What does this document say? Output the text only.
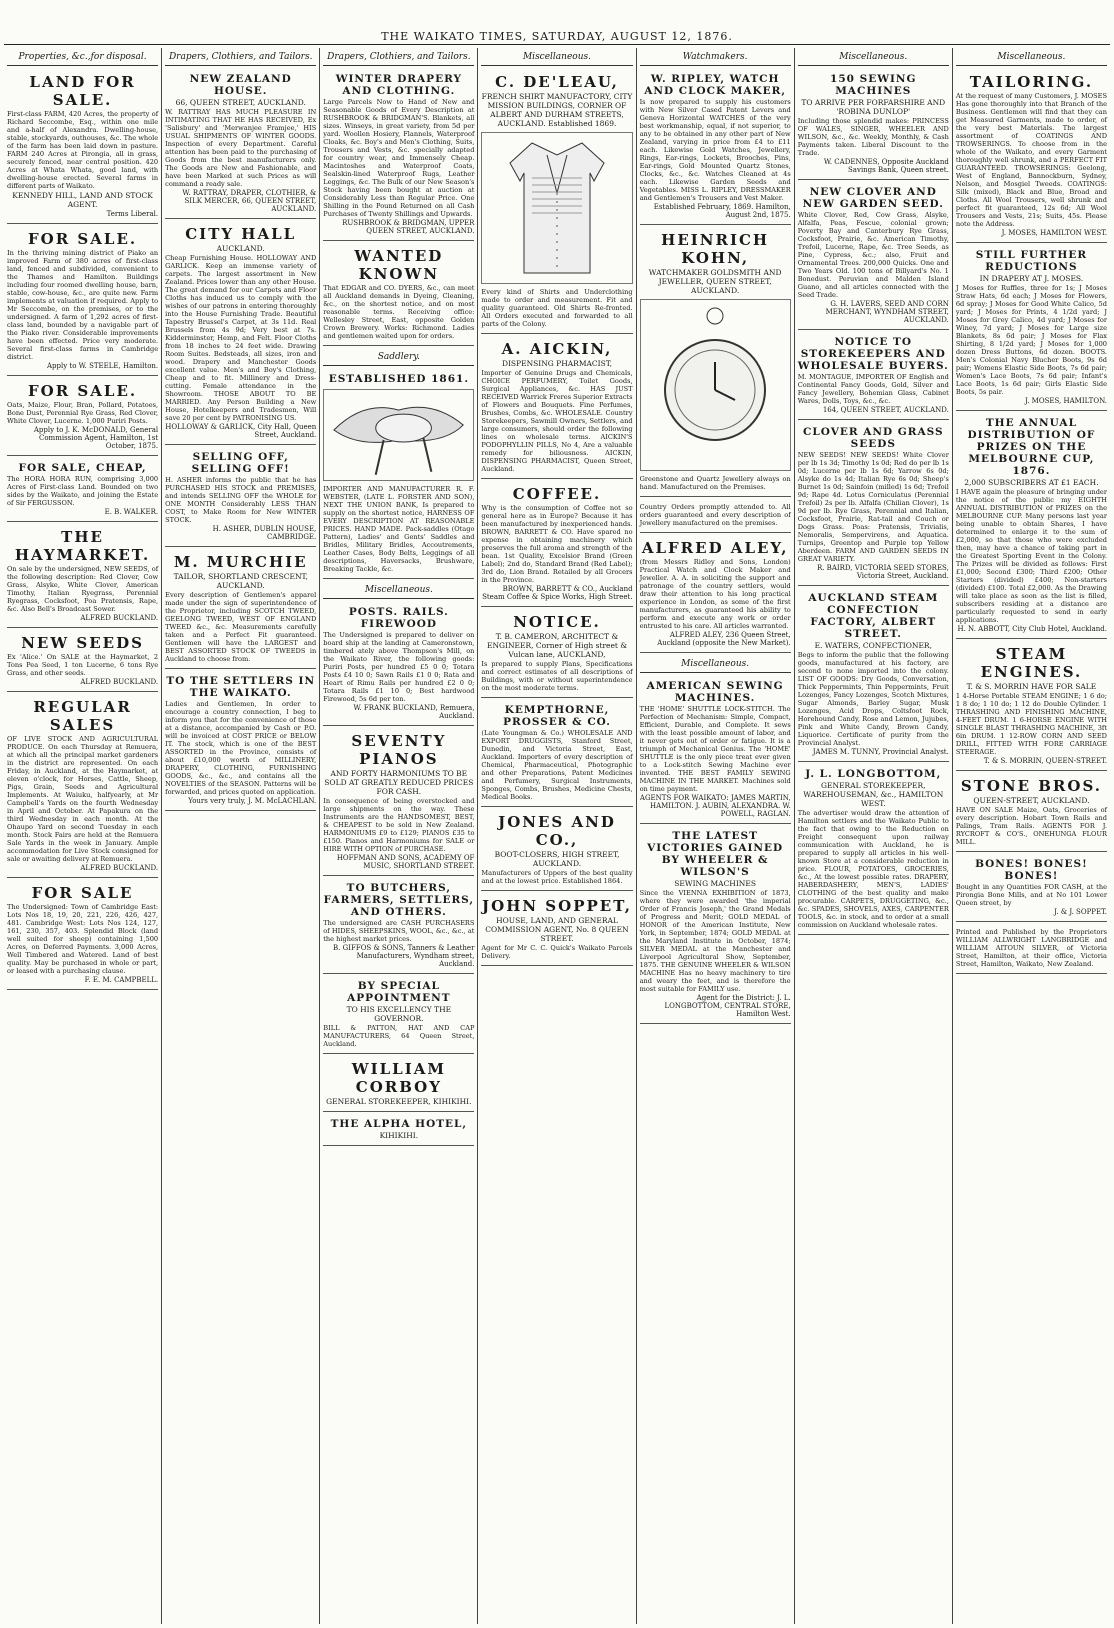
THE WAIKATO TIMES, SATURDAY, AUGUST 12, 1876.
Properties, &c.,for disposal.
LAND FOR SALE.
First-class FARM, 420 Acres, the property of Richard Seccombe, Esq., within one mile and a-half of Alexandra. Dwelling-house, stable, stockyards, outhouses, &c. The whole of the farm has been laid down in pasture. FARM 240 Acres at Pirongia, all in grass, securely fenced, near central position. 420 Acres at Whata Whata, good land, with dwelling-house erected. Several farms in different parts of Waikato.
KENNEDY HILL, LAND AND STOCK AGENT.
Terms Liberal.
FOR SALE.
In the thriving mining district of Piako an improved Farm of 380 acres of first-class land, fenced and subdivided, convenient to the Thames and Hamilton. Buildings including four roomed dwelling house, barn, stable, cow-house, &c., are quite new. Farm implements at valuation if required. Apply to Mr Seccombe, on the premises, or to the undersigned. A farm of 1,292 acres of first-class land, bounded by a navigable part of the Piako river. Considerable improvements have been effected. Price very moderate. Several first-class farms in Cambridge district.
Apply to W. STEELE, Hamilton.
FOR SALE.
Oats, Maize, Flour, Bran, Pollard, Potatoes, Bone Dust, Perennial Rye Grass, Red Clover, White Clover, Lucerne. 1,000 Puriri Posts.
Apply to J. K. McDONALD, General Commission Agent, Hamilton, 1st October, 1875.
FOR SALE, CHEAP,
The HORA HORA RUN, comprising 3,000 Acres of First-class Land. Bounded on two sides by the Waikato, and joining the Estate of Sir FERGUSSON.
E. B. WALKER.
THE HAYMARKET.
On sale by the undersigned, NEW SEEDS, of the following description: Red Clover, Cow Grass, Alsyke, White Clover, American Timothy, Italian Ryegrass, Perennial Ryegrass, Cocksfoot, Poa Pratensis, Rape, &c. Also Bell's Broadcast Sower.
ALFRED BUCKLAND.
NEW SEEDS
Ex 'Alice.' On SALE at the Haymarket, 2 Tons Pea Seed, 1 ton Lucerne, 6 tons Rye Grass, and other seeds.
ALFRED BUCKLAND.
REGULAR SALES
OF LIVE STOCK AND AGRICULTURAL PRODUCE. On each Thursday at Remuera, at which all the principal market gardeners in the district are represented. On each Friday, in Auckland, at the Haymarket, at eleven o'clock, for Horses, Cattle, Sheep, Pigs, Grain, Seeds and Agricultural Implements. At Waiuku, halfyearly, at Mr Campbell's Yards on the fourth Wednesday in April and October. At Papakura on the third Wednesday in each month. At the Ohaupo Yard on second Tuesday in each month. Stock Fairs are held at the Remuera Sale Yards in the week in January. Ample accommodation for Live Stock consigned for sale or awaiting delivery at Remuera.
ALFRED BUCKLAND.
FOR SALE
The Undersigned: Town of Cambridge East: Lots Nos 18, 19, 20, 221, 226, 426, 427, 481. Cambridge West: Lots Nos 124, 127, 161, 230, 357, 403. Splendid Block (land well suited for sheep) containing 1,500 Acres, on Deferred Payments. 3,000 Acres, Well Timbered and Watered. Land of best quality. May be purchased in whole or part, or leased with a purchasing clause.
F. E. M. CAMPBELL.
Drapers, Clothiers, and Tailors.
NEW ZEALAND HOUSE.
66, QUEEN STREET, AUCKLAND.
W. RATTRAY HAS MUCH PLEASURE IN INTIMATING THAT HE HAS RECEIVED, Ex 'Salisbury' and 'Merwanjee Framjee,' HIS USUAL SHIPMENTS OF WINTER GOODS. Inspection of every Department. Careful attention has been paid to the purchasing of Goods from the best manufacturers only. The Goods are New and Fashionable, and have been Marked at such Prices as will command a ready sale.
W. RATTRAY, DRAPER, CLOTHIER, & SILK MERCER, 66, QUEEN STREET, AUCKLAND.
CITY HALL
AUCKLAND.
Cheap Furnishing House. HOLLOWAY AND GARLICK. Keep an immense variety of carpets. The largest assortment in New Zealand. Prices lower than any other House. The great demand for our Carpets and Floor Cloths has induced us to comply with the wishes of our patrons in entering thoroughly into the House Furnishing Trade. Beautiful Tapestry Brussel's Carpet, at 3s 11d. Real Brussels from 4s 9d; Very best at 7s. Kidderminster, Hemp, and Felt. Floor Cloths from 18 inches to 24 feet wide. Drawing Room Suites. Bedsteads, all sizes, iron and wood. Drapery and Manchester Goods excellent value. Men's and Boy's Clothing, Cheap and to fit. Millinery and Dress-cutting. Female attendance in the Showroom. THOSE ABOUT TO BE MARRIED. Any Person Building a New House, Hotelkeepers and Tradesmen, Will save 20 per cent by PATRONISING US.
HOLLOWAY & GARLICK, City Hall, Queen Street, Auckland.
SELLING OFF, SELLING OFF!
H. ASHER informs the public that he has PURCHASED HIS STOCK and PREMISES, and intends SELLING OFF the WHOLE for ONE MONTH Considerably LESS THAN COST, to Make Room for New WINTER STOCK.
H. ASHER, DUBLIN HOUSE, CAMBRIDGE.
M. MURCHIE
TAILOR, SHORTLAND CRESCENT, AUCKLAND.
Every description of Gentlemen's apparel made under the sign of superintendence of the Proprietor, including SCOTCH TWEED, GEELONG TWEED, WEST OF ENGLAND TWEED &c., &c. Measurements carefully taken and a Perfect Fit guaranteed. Gentlemen will have the LARGEST and BEST ASSORTED STOCK OF TWEEDS in Auckland to choose from.
TO THE SETTLERS IN THE WAIKATO.
Ladies and Gentlemen, In order to encourage a country connection, I beg to inform you that for the convenience of those at a distance, accompanied by Cash or P.O. will be invoiced at COST PRICE or BELOW IT. The stock, which is one of the BEST ASSORTED in the Province, consists of about £10,000 worth of MILLINERY, DRAPERY, CLOTHING, FURNISHING GOODS, &c., &c., and contains all the NOVELTIES of the SEASON. Patterns will be forwarded, and prices quoted on application.
Yours very truly, J. M. McLACHLAN.
Drapers, Clothiers, and Tailors.
WINTER DRAPERY AND CLOTHING.
Large Parcels Now to Hand of New and Seasonable Goods of Every Description at RUSHBROOK & BRIDGMAN'S. Blankets, all sizes. Winseys, in great variety, from 5d per yard. Woollen Hosiery, Flannels, Waterproof Cloaks, &c. Boy's and Men's Clothing, Suits, Trousers and Vests, &c. specially adapted for country wear, and Immensely Cheap. Macintoshes and Waterproof Coats, Sealskin-lined Waterproof Rugs, Leather Leggings, &c. The Bulk of our New Season's Stock having been bought at auction at Considerably Less than Regular Price. One Shilling in the Pound Returned on all Cash Purchases of Twenty Shillings and Upwards.
RUSHBROOK & BRIDGMAN, UPPER QUEEN STREET, AUCKLAND.
WANTED KNOWN
That EDGAR and CO. DYERS, &c., can meet all Auckland demands in Dyeing, Cleaning, &c., on the shortest notice, and on most reasonable terms. Receiving office: Wellesley Street, East, opposite Golden Crown Brewery. Works: Richmond. Ladies and gentlemen waited upon for orders.
Saddlery.
ESTABLISHED 1861.
IMPORTER AND MANUFACTURER R. F. WEBSTER, (LATE L. FORSTER AND SON), NEXT THE UNION BANK, Is prepared to supply on the shortest notice, HARNESS OF EVERY DESCRIPTION AT REASONABLE PRICES. HAND MADE. Pack-saddles (Otago Pattern), Ladies' and Gents' Saddles and Bridles, Military Bridles, Accoutrements, Leather Cases, Body Belts, Leggings of all descriptions, Haversacks, Brushware, Breaking Tackle, &c.
Miscellaneous.
POSTS. RAILS. FIREWOOD
The Undersigned is prepared to deliver on board ship at the landing at Cameronstown, timbered ately above Thompson's Mill, on the Waikato River, the following goods: Puriri Posts, per hundred £5 0 0; Totara Posts £4 10 0; Sawn Rails £1 0 0; Rata and Heart of Rimu Rails per hundred £2 0 0; Totara Rails £1 10 0; Best hardwood Firewood, 5s 6d per ton.
W. FRANK BUCKLAND, Remuera, Auckland.
SEVENTY PIANOS
AND FORTY HARMONIUMS TO BE SOLD AT GREATLY REDUCED PRICES FOR CASH.
In consequence of being overstocked and large shipments on the way. These Instruments are the HANDSOMEST, BEST, & CHEAPEST to be sold in New Zealand. HARMONIUMS £9 to £129; PIANOS £35 to £150. Pianos and Harmoniums for SALE or HIRE WITH OPTION of PURCHASE.
HOFFMAN AND SONS, ACADEMY OF MUSIC, SHORTLAND STREET.
TO BUTCHERS, FARMERS, SETTLERS, AND OTHERS.
The undersigned are CASH PURCHASERS of HIDES, SHEEPSKINS, WOOL, &c., &c., at the highest market prices.
B. GIFFOS & SONS, Tanners & Leather Manufacturers, Wyndham street, Auckland.
BY SPECIAL APPOINTMENT
TO HIS EXCELLENCY THE GOVERNOR.
BILL & PATTON, HAT AND CAP MANUFACTURERS, 64 Queen Street, Auckland.
WILLIAM CORBOY
GENERAL STOREKEEPER, KIHIKIHI.
THE ALPHA HOTEL,
KIHIKIHI.
Miscellaneous.
C. DE'LEAU,
FRENCH SHIRT MANUFACTORY, CITY MISSION BUILDINGS, CORNER OF ALBERT AND DURHAM STREETS, AUCKLAND. Established 1869.
Every kind of Shirts and Underclothing made to order and measurement. Fit and quality guaranteed. Old Shirts Re-fronted. All Orders executed and forwarded to all parts of the Colony.
A. AICKIN,
DISPENSING PHARMACIST,
Importer of Genuine Drugs and Chemicals, CHOICE PERFUMERY, Toilet Goods, Surgical Appliances, &c. HAS JUST RECEIVED Warrick Freres Superior Extracts of Flowers and Bouquets. Fine Perfumes, Brushes, Combs, &c. WHOLESALE. Country Storekeepers, Sawmill Owners, Settlers, and large consumers, should order the following lines on wholesale terms. AICKIN'S PODOPHYLLIN PILLS, No 4, Are a valuable remedy for biliousness. AICKIN, DISPENSING PHARMACIST, Queen Street, Auckland.
COFFEE.
Why is the consumption of Coffee not so general here as in Europe? Because it has been manufactured by inexperienced hands. BROWN, BARRETT & CO. Have spared no expense in obtaining machinery which preserves the full aroma and strength of the bean. 1st Quality, Excelsior Brand (Green Label); 2nd do, Standard Brand (Red Label); 3rd do, Lion Brand. Retailed by all Grocers in the Province.
BROWN, BARRETT & CO., Auckland Steam Coffee & Spice Works, High Street.
NOTICE.
T. B. CAMERON, ARCHITECT & ENGINEER, Corner of High street & Vulcan lane, AUCKLAND,
Is prepared to supply Plans, Specifications and correct estimates of all descriptions of Buildings, with or without superintendence on the most moderate terms.
KEMPTHORNE, PROSSER & CO.
(Late Youngman & Co.) WHOLESALE AND EXPORT DRUGGISTS, Stanford Street, Dunedin, and Victoria Street, East, Auckland. Importers of every description of Chemical, Pharmaceutical, Photographic and other Preparations, Patent Medicines and Perfumery, Surgical Instruments, Sponges, Combs, Brushes, Medicine Chests, Medical Books.
JONES AND CO.,
BOOT-CLOSERS, HIGH STREET, AUCKLAND.
Manufacturers of Uppers of the best quality and at the lowest price. Established 1864.
JOHN SOPPET,
HOUSE, LAND, AND GENERAL COMMISSION AGENT, No. 8 QUEEN STREET.
Agent for Mr C. C. Quick's Waikato Parcels Delivery.
Watchmakers.
W. RIPLEY, WATCH AND CLOCK MAKER,
Is now prepared to supply his customers with New Silver Cased Patent Levers and Geneva Horizontal WATCHES of the very best workmanship, equal, if not superior, to any to be obtained in any other part of New Zealand, varying in price from £4 to £11 each. Likewise Gold Watches, Jewellery, Rings, Ear-rings, Lockets, Brooches, Pins, Ear-rings, Gold Mounted Quartz Stones, Clocks, &c., &c. Watches Cleaned at 4s each. Likewise Garden Seeds and Vegetables. MISS L. RIPLEY, DRESSMAKER and Gentlemen's Trousers and Vest Maker.
Established February, 1869. Hamilton, August 2nd, 1875.
HEINRICH KOHN,
WATCHMAKER GOLDSMITH AND JEWELLER, QUEEN STREET, AUCKLAND.
Greenstone and Quartz Jewellery always on hand. Manufactured on the Premises.
Country Orders promptly attended to. All orders guaranteed and every description of Jewellery manufactured on the premises.
ALFRED ALEY,
(from Messrs Ridley and Sons, London) Practical Watch and Clock Maker and Jeweller. A. A. in soliciting the support and patronage of the country settlers, would draw their attention to his long practical experience in London, as some of the first manufacturers, as guaranteed his ability to perform and execute any work or order entrusted to his care. All articles warranted.
ALFRED ALEY, 236 Queen Street, Auckland (opposite the New Market).
Miscellaneous.
AMERICAN SEWING MACHINES.
THE 'HOME' SHUTTLE LOCK-STITCH. The Perfection of Mechanism: Simple, Compact, Efficient, Durable, and Complete. It sews with the least possible amount of labor, and it never gets out of order or fatigue. It is a triumph of Mechanical Genius. The 'HOME' SHUTTLE is the only piece treat ever given to a Lock-stitch Sewing Machine ever invented. THE BEST FAMILY SEWING MACHINE IN THE MARKET. Machines sold on time payment.
AGENTS FOR WAIKATO: JAMES MARTIN, HAMILTON. J. AUBIN, ALEXANDRA. W. POWELL, RAGLAN.
THE LATEST VICTORIES GAINED BY WHEELER & WILSON'S
SEWING MACHINES
Since the VIENNA EXHIBITION of 1873, where they were awarded 'the imperial Order of Francis Joseph,' the Grand Medals of Progress and Merit; GOLD MEDAL of HONOR of the American Institute, New York, in September, 1874; GOLD MEDAL at the Maryland Institute in October, 1874; SILVER MEDAL at the Manchester and Liverpool Agricultural Show, September, 1875. THE GENUINE WHEELER & WILSON MACHINE Has no heavy machinery to tire and weary the feet, and is therefore the most suitable for FAMILY use.
Agent for the District: J. L. LONGBOTTOM, CENTRAL STORE, Hamilton West.
Miscellaneous.
150 SEWING MACHINES
TO ARRIVE PER FORFARSHIRE AND 'ROBINA DUNLOP'
Including those splendid makes: PRINCESS OF WALES, SINGER, WHEELER AND WILSON, &c., &c. Weekly, Monthly, & Cash Payments taken. Liberal Discount to the Trade.
W. CADENNES, Opposite Auckland Savings Bank, Queen street.
NEW CLOVER AND NEW GARDEN SEED.
White Clover, Red, Cow Grass, Alsyke, Alfalfa, Peas, Fescue, colonial grown; Poverty Bay and Canterbury Rye Grass, Cocksfoot, Prairie, &c. American Timothy, Trefoil, Lucerne, Rape, &c. Tree Seeds, as Pine, Cypress, &c.; also, Fruit and Ornamental Trees. 200,000 Quicks. One and Two Years Old. 100 tons of Billyard's No. 1 Bonedust. Peruvian and Malden Island Guano, and all articles connected with the Seed Trade.
G. H. LAVERS, SEED AND CORN MERCHANT, WYNDHAM STREET, AUCKLAND.
NOTICE TO STOREKEEPERS AND WHOLESALE BUYERS.
M. MONTAGUE, IMPORTER OF English and Continental Fancy Goods, Gold, Silver and Fancy Jewellery, Bohemian Glass, Cabinet Wares, Dolls, Toys, &c., &c.
164, QUEEN STREET, AUCKLAND.
CLOVER AND GRASS SEEDS
NEW SEEDS! NEW SEEDS! White Clover per lb 1s 3d; Timothy 1s 0d; Red do per lb 1s 0d; Lucerne per lb 1s 6d; Yarrow 6s 0d; Alsyke do 1s 4d; Italian Rye 6s 0d; Sheep's Burnet 1s 0d; Sainfoin (milled) 1s 6d; Trefoil 9d; Rape 4d. Lotus Corniculatus (Perennial Trefoil) 2s per lb. Alfalfa (Chilian Clover), 1s 9d per lb. Rye Grass, Perennial and Italian, Cocksfoot, Prairie, Rat-tail and Couch or Dogs Grass. Poas: Pratensis, Trivialis, Nemoralis, Sempervirens, and Aquatica. Turnips, Greentop and Purple top Yellow Aberdeen. FARM AND GARDEN SEEDS IN GREAT VARIETY.
R. BAIRD, VICTORIA SEED STORES, Victoria Street, Auckland.
AUCKLAND STEAM CONFECTION FACTORY, ALBERT STREET.
E. WATERS, CONFECTIONER,
Begs to inform the public that the following goods, manufactured at his factory, are second to none imported into the colony. LIST OF GOODS: Dry Goods, Conversation, Thick Peppermints, Thin Peppermints, Fruit Lozenges, Fancy Lozenges, Scotch Mixtures, Sugar Almonds, Barley Sugar, Musk Lozenges, Acid Drops, Coltsfoot Rock, Horehound Candy, Rose and Lemon, Jujubes, Pink and White Candy, Brown Candy, Liquorice. Certificate of purity from the Provincial Analyst.
JAMES M. TUNNY, Provincial Analyst.
J. L. LONGBOTTOM,
GENERAL STOREKEEPER, WAREHOUSEMAN, &c., HAMILTON WEST.
The advertiser would draw the attention of Hamilton settlers and the Waikato Public to the fact that owing to the Reduction on Freight consequent upon railway communication with Auckland, he is prepared to supply all articles in his well-known Store at a considerable reduction in price. FLOUR, POTATOES, GROCERIES, &c., At the lowest possible rates. DRAPERY, HABERDASHERY, MEN'S, LADIES' CLOTHING of the best quality and make procurable. CARPETS, DRUGGETING, &c., &c. SPADES, SHOVELS, AXES, CARPENTER TOOLS, &c. in stock, and to order at a small commission on Auckland wholesale rates.
Miscellaneous.
TAILORING.
At the request of many Customers, J. MOSES Has gone thoroughly into that Branch of the Business. Gentlemen will find that they can get Measured Garments, made to order, of the very best Materials. The largest assortment of COATINGS AND TROWSERINGS. To choose from in the whole of the Waikato, and every Garment thoroughly well shrunk, and a PERFECT FIT GUARANTEED. TROWSERINGS: Geelong, West of England, Bannockburn, Sydney, Nelson, and Mosgiel Tweeds. COATINGS: Silk (mixed), Black and Blue, Broad and Cloths. All Wool Trousers, well shrunk and perfect fit guaranteed, 12s 6d; All Wool Trousers and Vests, 21s; Suits, 45s. Please note the Address.
J. MOSES, HAMILTON WEST.
STILL FURTHER REDUCTIONS
IN DRAPERY AT J. MOSES.
J Moses for Ruffles, three for 1s; J Moses Straw Hats, 6d each; J Moses for Flowers, 6d spray; J Moses for Good White Calico, 5d yard; J Moses for Prints, 4 1/2d yard; J Moses for Grey Calico, 4d yard; J Moses for Winey, 7d yard; J Moses for Large size Blankets, 8s 6d pair; J Moses for Flax Shirting, 8 1/2d yard; J Moses for 1,000 dozen Dress Buttons, 6d dozen. BOOTS. Men's Colonial Navy Blucher Boots, 9s 6d pair; Womens Elastic Side Boots, 7s 6d pair; Women's Lace Boots, 7s 6d pair; Infant's Lace Boots, 1s 6d pair; Girls Elastic Side Boots, 5s pair.
J. MOSES, HAMILTON.
THE ANNUAL DISTRIBUTION OF PRIZES ON THE MELBOURNE CUP, 1876.
2,000 SUBSCRIBERS AT £1 EACH.
I HAVE again the pleasure of bringing under the notice of the public my EIGHTH ANNUAL DISTRIBUTION of PRIZES on the MELBOURNE CUP. Many persons last year being unable to obtain Shares, I have determined to enlarge it to the sum of £2,000, so that those who were excluded then, may have a chance of taking part in the Greatest Sporting Event in the Colony. The Prizes will be divided as follows: First £1,000; Second £300; Third £200; Other Starters (divided) £400; Non-starters (divided) £100. Total £2,000. As the Drawing will take place as soon as the list is filled, subscribers residing at a distance are particularly requested to send in early applications.
H. N. ABBOTT, City Club Hotel, Auckland.
STEAM ENGINES.
T. & S. MORRIN HAVE FOR SALE
1 4-Horse Portable STEAM ENGINE; 1 6 do; 1 8 do; 1 10 do; 1 12 do Double Cylinder. 1 THRASHING AND FINISHING MACHINE, 4-FEET DRUM. 1 6-HORSE ENGINE WITH SINGLE BLAST THRASHING MACHINE, 3ft 6in DRUM. 1 12-ROW CORN AND SEED DRILL, FITTED WITH FORE CARRIAGE STEERAGE.
T. & S. MORRIN, QUEEN-STREET.
STONE BROS.
QUEEN-STREET, AUCKLAND.
HAVE ON SALE Maize, Oats, Groceries of every description. Hobart Town Rails and Palings, Tram Rails. AGENTS FOR J. RYCROFT & CO'S., ONEHUNGA FLOUR MILL.
BONES! BONES! BONES!
Bought in any Quantities FOR CASH, at the Pirongia Bone Mills, and at No 101 Lower Queen street, by
J. & J. SOPPET.
Printed and Published by the Proprietors WILLIAM ALLWRIGHT LANGBRIDGE and WILLIAM AITOUN SILVER, of Victoria Street, Hamilton, at their office, Victoria Street, Hamilton, Waikato, New Zealand.
